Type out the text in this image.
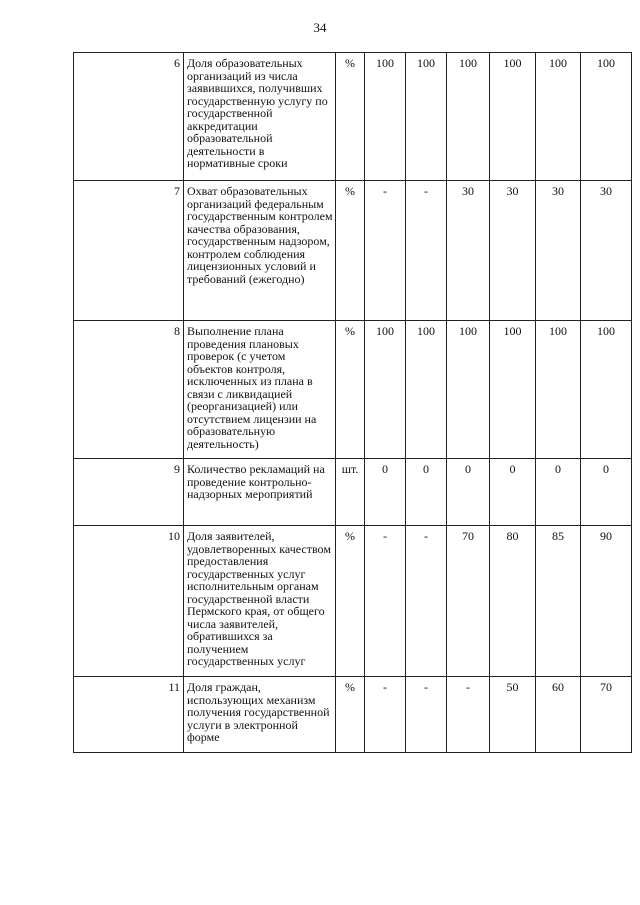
34
6	Доля образовательных организаций из числа заявившихся, получивших государственную услугу по государственной аккредитации образовательной деятельности в нормативные сроки	%	100	100	100	100	100	100
7	Охват образовательных организаций федеральным государственным контролем качества образования, государственным надзором, контролем соблюдения лицензионных условий и требований (ежегодно)	%	-	-	30	30	30	30
8	Выполнение плана проведения плановых проверок (с учетом объектов контроля, исключенных из плана в связи с ликвидацией (реорганизацией) или отсутствием лицензии на образовательную деятельность)	%	100	100	100	100	100	100
9	Количество рекламаций на проведение контрольно-надзорных мероприятий	шт.	0	0	0	0	0	0
10	Доля заявителей, удовлетворенных качеством предоставления государственных услуг исполнительным органам государственной власти Пермского края, от общего числа заявителей, обратившихся за получением государственных услуг	%	-	-	70	80	85	90
11	Доля граждан, использующих механизм получения государственной услуги в электронной форме	%	-	-	-	50	60	70
